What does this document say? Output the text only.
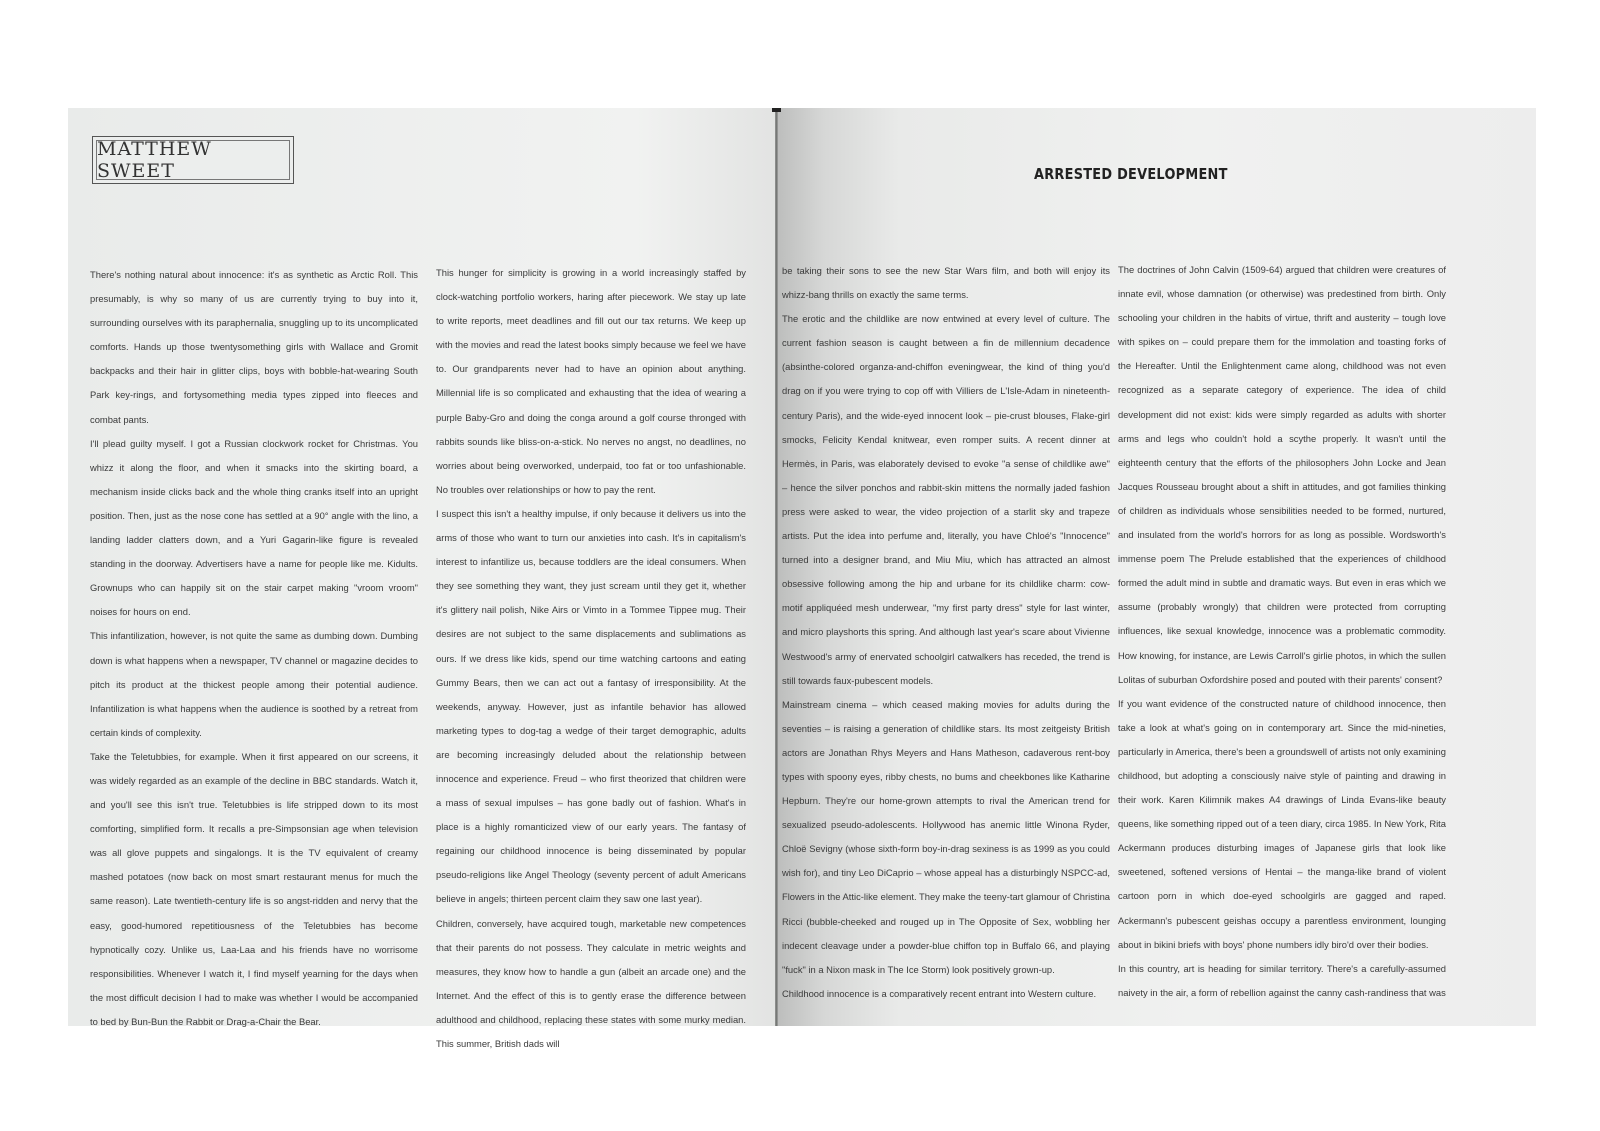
MATTHEW SWEET

There's nothing natural about innocence: it's as synthetic as Arctic Roll. This presumably, is why so many of us are currently trying to buy into it, surrounding ourselves with its paraphernalia, snuggling up to its uncomplicated comforts. Hands up those twentysomething girls with Wallace and Gromit backpacks and their hair in glitter clips, boys with bobble-hat-wearing South Park key-rings, and fortysomething media types zipped into fleeces and combat pants.

I'll plead guilty myself. I got a Russian clockwork rocket for Christmas. You whizz it along the floor, and when it smacks into the skirting board, a mechanism inside clicks back and the whole thing cranks itself into an upright position. Then, just as the nose cone has settled at a 90° angle with the lino, a landing ladder clatters down, and a Yuri Gagarin-like figure is revealed standing in the doorway. Advertisers have a name for people like me. Kidults. Grownups who can happily sit on the stair carpet making "vroom vroom" noises for hours on end.

This infantilization, however, is not quite the same as dumbing down. Dumbing down is what happens when a newspaper, TV channel or magazine decides to pitch its product at the thickest people among their potential audience. Infantilization is what happens when the audience is soothed by a retreat from certain kinds of complexity.

Take the Teletubbies, for example. When it first appeared on our screens, it was widely regarded as an example of the decline in BBC standards. Watch it, and you'll see this isn't true. Teletubbies is life stripped down to its most comforting, simplified form. It recalls a pre-Simpsonsian age when television was all glove puppets and singalongs. It is the TV equivalent of creamy mashed potatoes (now back on most smart restaurant menus for much the same reason). Late twentieth-century life is so angst-ridden and nervy that the easy, good-humored repetitiousness of the Teletubbies has become hypnotically cozy. Unlike us, Laa-Laa and his friends have no worrisome responsibilities. Whenever I watch it, I find myself yearning for the days when the most difficult decision I had to make was whether I would be accompanied to bed by Bun-Bun the Rabbit or Drag-a-Chair the Bear.

This hunger for simplicity is growing in a world increasingly staffed by clock-watching portfolio workers, haring after piecework. We stay up late to write reports, meet deadlines and fill out our tax returns. We keep up with the movies and read the latest books simply because we feel we have to. Our grandparents never had to have an opinion about anything. Millennial life is so complicated and exhausting that the idea of wearing a purple Baby-Gro and doing the conga around a golf course thronged with rabbits sounds like bliss-on-a-stick. No nerves no angst, no deadlines, no worries about being overworked, underpaid, too fat or too unfashionable. No troubles over relationships or how to pay the rent.

I suspect this isn't a healthy impulse, if only because it delivers us into the arms of those who want to turn our anxieties into cash. It's in capitalism's interest to infantilize us, because toddlers are the ideal consumers. When they see something they want, they just scream until they get it, whether it's glittery nail polish, Nike Airs or Vimto in a Tommee Tippee mug. Their desires are not subject to the same displacements and sublimations as ours. If we dress like kids, spend our time watching cartoons and eating Gummy Bears, then we can act out a fantasy of irresponsibility. At the weekends, anyway. However, just as infantile behavior has allowed marketing types to dog-tag a wedge of their target demographic, adults are becoming increasingly deluded about the relationship between innocence and experience. Freud – who first theorized that children were a mass of sexual impulses – has gone badly out of fashion. What's in place is a highly romanticized view of our early years. The fantasy of regaining our childhood innocence is being disseminated by popular pseudo-religions like Angel Theology (seventy percent of adult Americans believe in angels; thirteen percent claim they saw one last year).

Children, conversely, have acquired tough, marketable new competences that their parents do not possess. They calculate in metric weights and measures, they know how to handle a gun (albeit an arcade one) and the Internet. And the effect of this is to gently erase the difference between adulthood and childhood, replacing these states with some murky median. This summer, British dads will

ARRESTED DEVELOPMENT

be taking their sons to see the new Star Wars film, and both will enjoy its whizz-bang thrills on exactly the same terms.

The erotic and the childlike are now entwined at every level of culture. The current fashion season is caught between a fin de millennium decadence (absinthe-colored organza-and-chiffon eveningwear, the kind of thing you'd drag on if you were trying to cop off with Villiers de L'Isle-Adam in nineteenth-century Paris), and the wide-eyed innocent look – pie-crust blouses, Flake-girl smocks, Felicity Kendal knitwear, even romper suits. A recent dinner at Hermès, in Paris, was elaborately devised to evoke "a sense of childlike awe" – hence the silver ponchos and rabbit-skin mittens the normally jaded fashion press were asked to wear, the video projection of a starlit sky and trapeze artists. Put the idea into perfume and, literally, you have Chloé's "Innocence" turned into a designer brand, and Miu Miu, which has attracted an almost obsessive following among the hip and urbane for its childlike charm: cow-motif appliquéed mesh underwear, "my first party dress" style for last winter, and micro playshorts this spring. And although last year's scare about Vivienne Westwood's army of enervated schoolgirl catwalkers has receded, the trend is still towards faux-pubescent models.

Mainstream cinema – which ceased making movies for adults during the seventies – is raising a generation of childlike stars. Its most zeitgeisty British actors are Jonathan Rhys Meyers and Hans Matheson, cadaverous rent-boy types with spoony eyes, ribby chests, no bums and cheekbones like Katharine Hepburn. They're our home-grown attempts to rival the American trend for sexualized pseudo-adolescents. Hollywood has anemic little Winona Ryder, Chloë Sevigny (whose sixth-form boy-in-drag sexiness is as 1999 as you could wish for), and tiny Leo DiCaprio – whose appeal has a disturbingly NSPCC-ad, Flowers in the Attic-like element. They make the teeny-tart glamour of Christina Ricci (bubble-cheeked and rouged up in The Opposite of Sex, wobbling her indecent cleavage under a powder-blue chiffon top in Buffalo 66, and playing "fuck" in a Nixon mask in The Ice Storm) look positively grown-up.

Childhood innocence is a comparatively recent entrant into Western culture.

The doctrines of John Calvin (1509-64) argued that children were creatures of innate evil, whose damnation (or otherwise) was predestined from birth. Only schooling your children in the habits of virtue, thrift and austerity – tough love with spikes on – could prepare them for the immolation and toasting forks of the Hereafter. Until the Enlightenment came along, childhood was not even recognized as a separate category of experience. The idea of child development did not exist: kids were simply regarded as adults with shorter arms and legs who couldn't hold a scythe properly. It wasn't until the eighteenth century that the efforts of the philosophers John Locke and Jean Jacques Rousseau brought about a shift in attitudes, and got families thinking of children as individuals whose sensibilities needed to be formed, nurtured, and insulated from the world's horrors for as long as possible. Wordsworth's immense poem The Prelude established that the experiences of childhood formed the adult mind in subtle and dramatic ways. But even in eras which we assume (probably wrongly) that children were protected from corrupting influences, like sexual knowledge, innocence was a problematic commodity. How knowing, for instance, are Lewis Carroll's girlie photos, in which the sullen Lolitas of suburban Oxfordshire posed and pouted with their parents' consent?

If you want evidence of the constructed nature of childhood innocence, then take a look at what's going on in contemporary art. Since the mid-nineties, particularly in America, there's been a groundswell of artists not only examining childhood, but adopting a consciously naive style of painting and drawing in their work. Karen Kilimnik makes A4 drawings of Linda Evans-like beauty queens, like something ripped out of a teen diary, circa 1985. In New York, Rita Ackermann produces disturbing images of Japanese girls that look like sweetened, softened versions of Hentai – the manga-like brand of violent cartoon porn in which doe-eyed schoolgirls are gagged and raped. Ackermann's pubescent geishas occupy a parentless environment, lounging about in bikini briefs with boys' phone numbers idly biro'd over their bodies.

In this country, art is heading for similar territory. There's a carefully-assumed naivety in the air, a form of rebellion against the canny cash-randiness that was
